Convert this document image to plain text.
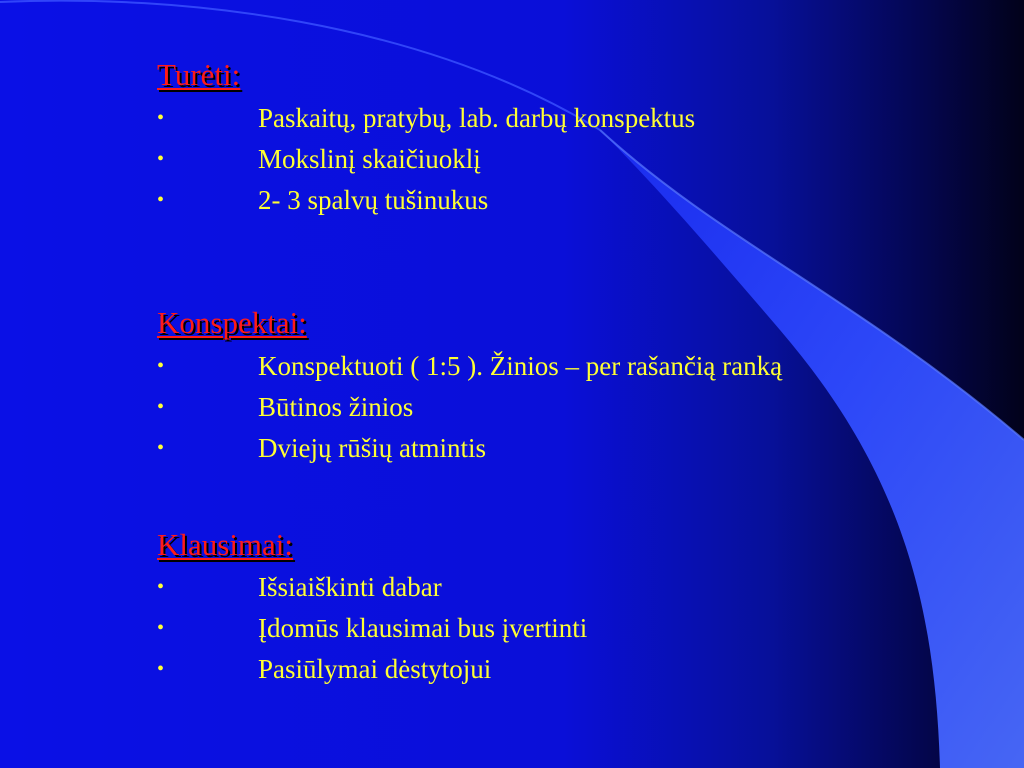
Turėti:
•	Paskaitų, pratybų, lab. darbų konspektus
•	Mokslinį skaičiuoklį
•	2- 3 spalvų tušinukus
Konspektai:
•	Konspektuoti ( 1:5 ). Žinios – per rašančią ranką
•	Būtinos žinios
•	Dviejų rūšių atmintis
Klausimai:
•	Išsiaiškinti dabar
•	Įdomūs klausimai bus įvertinti
•	Pasiūlymai dėstytojui
